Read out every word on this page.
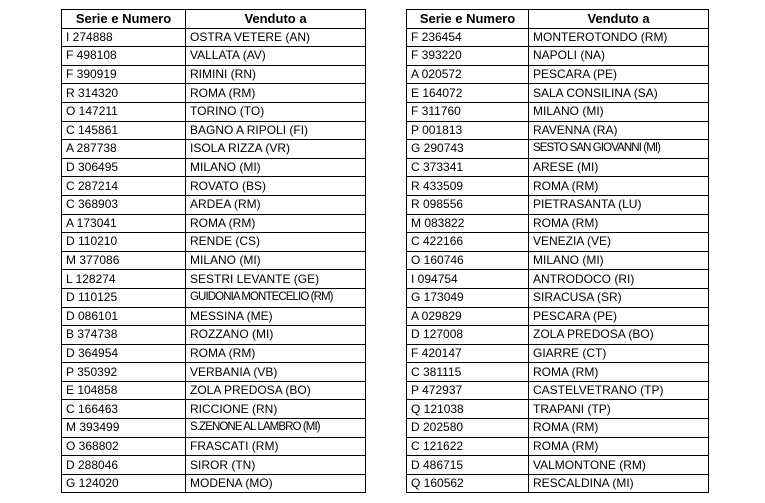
Serie e Numero	Venduto a
I 274888	OSTRA VETERE (AN)
F 498108	VALLATA (AV)
F 390919	RIMINI (RN)
R 314320	ROMA (RM)
O 147211	TORINO (TO)
C 145861	BAGNO A RIPOLI (FI)
A 287738	ISOLA RIZZA (VR)
D 306495	MILANO (MI)
C 287214	ROVATO (BS)
C 368903	ARDEA (RM)
A 173041	ROMA (RM)
D 110210	RENDE (CS)
M 377086	MILANO (MI)
L 128274	SESTRI LEVANTE (GE)
D 110125	GUIDONIA MONTECELIO (RM)
D 086101	MESSINA (ME)
B 374738	ROZZANO (MI)
D 364954	ROMA (RM)
P 350392	VERBANIA (VB)
E 104858	ZOLA PREDOSA (BO)
C 166463	RICCIONE (RN)
M 393499	S.ZENONE AL LAMBRO (MI)
O 368802	FRASCATI (RM)
D 288046	SIROR (TN)
G 124020	MODENA (MO)
Serie e Numero	Venduto a
F 236454	MONTEROTONDO (RM)
F 393220	NAPOLI (NA)
A 020572	PESCARA (PE)
E 164072	SALA CONSILINA (SA)
F 311760	MILANO (MI)
P 001813	RAVENNA (RA)
G 290743	SESTO SAN GIOVANNI (MI)
C 373341	ARESE (MI)
R 433509	ROMA (RM)
R 098556	PIETRASANTA (LU)
M 083822	ROMA (RM)
C 422166	VENEZIA (VE)
O 160746	MILANO (MI)
I 094754	ANTRODOCO (RI)
G 173049	SIRACUSA (SR)
A 029829	PESCARA (PE)
D 127008	ZOLA PREDOSA (BO)
F 420147	GIARRE (CT)
C 381115	ROMA (RM)
P 472937	CASTELVETRANO (TP)
Q 121038	TRAPANI (TP)
D 202580	ROMA (RM)
C 121622	ROMA (RM)
D 486715	VALMONTONE (RM)
Q 160562	RESCALDINA (MI)
